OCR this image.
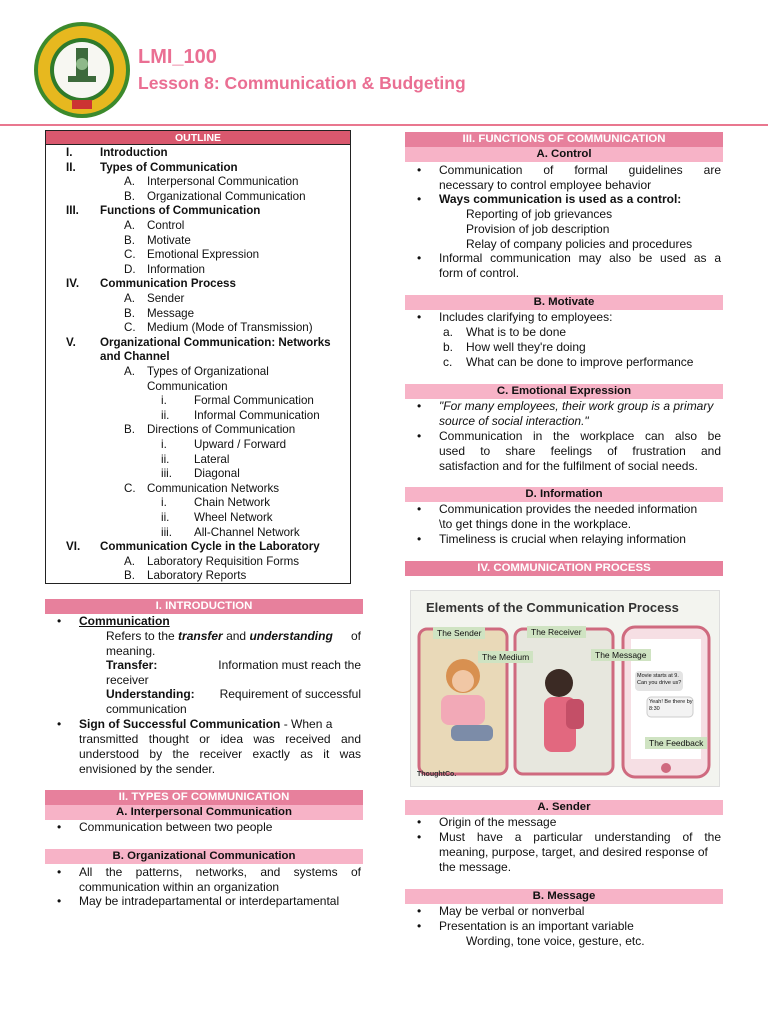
LMI_100
Lesson 8: Communication & Budgeting
OUTLINE
I. Introduction
II. Types of Communication
A. Interpersonal Communication
B. Organizational Communication
III. Functions of Communication
A. Control
B. Motivate
C. Emotional Expression
D. Information
IV. Communication Process
A. Sender
B. Message
C. Medium (Mode of Transmission)
V. Organizational Communication: Networks
and Channel
A. Types of Organizational
Communication
i. Formal Communication
ii. Informal Communication
B. Directions of Communication
i. Upward / Forward
ii. Lateral
iii. Diagonal
C. Communication Networks
i. Chain Network
ii. Wheel Network
iii. All-Channel Network
VI. Communication Cycle in the Laboratory
A. Laboratory Requisition Forms
B. Laboratory Reports
I. INTRODUCTION
Communication
Refers to the transfer and understanding of
meaning.
Transfer:	Information must reach the
receiver
Understanding: Requirement of successful
communication
Sign of Successful Communication - When a
transmitted thought or idea was received and
understood by the receiver exactly as it was
envisioned by the sender.
II. TYPES OF COMMUNICATION
A. Interpersonal Communication
Communication between two people
B. Organizational Communication
All the patterns, networks, and systems of
communication within an organization
May be intradepartamental or interdepartamental
III. FUNCTIONS OF COMMUNICATION
A. Control
Communication of formal guidelines are
necessary to control employee behavior
Ways communication is used as a control:
Reporting of job grievances
Provision of job description
Relay of company policies and procedures
Informal communication may also be used as a
form of control.
B. Motivate
Includes clarifying to employees:
a. What is to be done
b. How well they're doing
c. What can be done to improve performance
C. Emotional Expression
"For many employees, their work group is a primary
source of social interaction."
Communication in the workplace can also be
used to share feelings of frustration and
satisfaction and for the fulfilment of social needs.
D. Information
Communication provides the needed information
\to get things done in the workplace.
Timeliness is crucial when relaying information
IV. COMMUNICATION PROCESS
Elements of the Communication Process
The Sender	The Receiver
The Medium	The Message
The Feedback
Movie starts at 9. Can you drive us?
Yeah! Be there by 8:30
ThoughtCo.
A. Sender
Origin of the message
Must have a particular understanding of the
meaning, purpose, target, and desired response of
the message.
B. Message
May be verbal or nonverbal
Presentation is an important variable
Wording, tone voice, gesture, etc.
